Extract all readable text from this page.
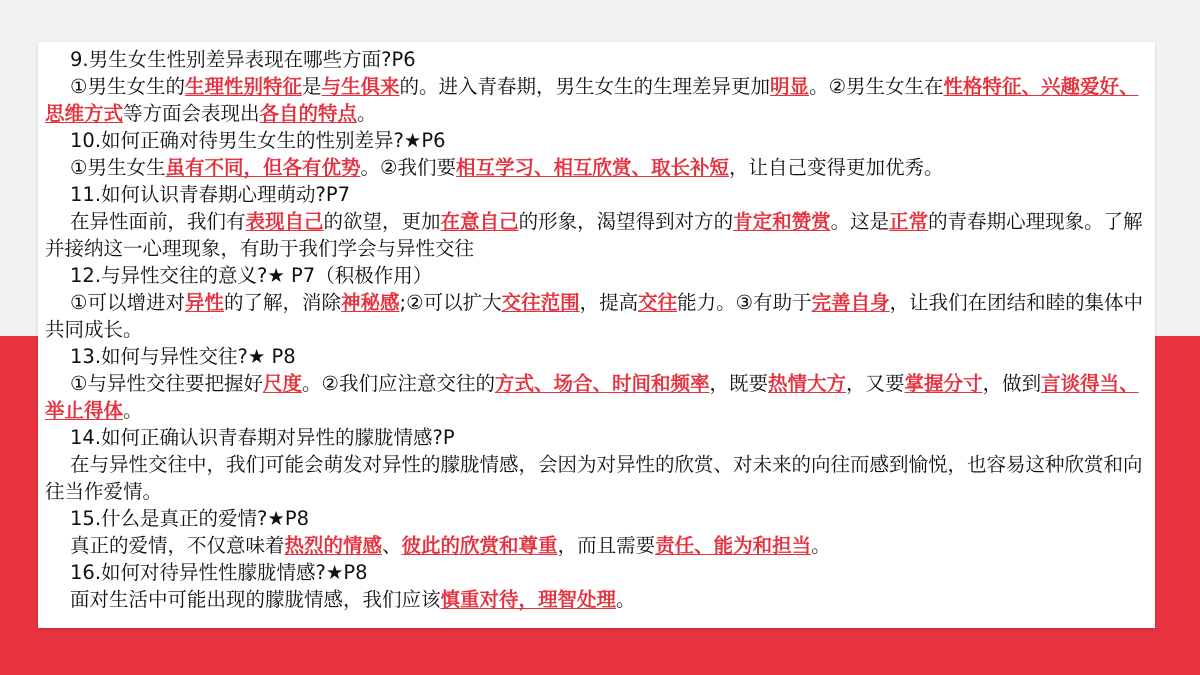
9.男生女生性别差异表现在哪些方面?P6
①男生女生的生理性别特征是与生俱来的。进入青春期，男生女生的生理差异更加明显。②男生女生在性格特征、兴趣爱好、思维方式等方面会表现出各自的特点。
10.如何正确对待男生女生的性别差异?★P6
①男生女生虽有不同，但各有优势。②我们要相互学习、相互欣赏、取长补短，让自己变得更加优秀。
11.如何认识青春期心理萌动?P7
在异性面前，我们有表现自己的欲望，更加在意自己的形象，渴望得到对方的肯定和赞赏。这是正常的青春期心理现象。了解并接纳这一心理现象，有助于我们学会与异性交往
12.与异性交往的意义?★ P7（积极作用）
①可以增进对异性的了解，消除神秘感;②可以扩大交往范围，提高交往能力。③有助于完善自身，让我们在团结和睦的集体中共同成长。
13.如何与异性交往?★ P8
①与异性交往要把握好尺度。②我们应注意交往的方式、场合、时间和频率，既要热情大方，又要掌握分寸，做到言谈得当、举止得体。
14.如何正确认识青春期对异性的朦胧情感?P
在与异性交往中，我们可能会萌发对异性的朦胧情感，会因为对异性的欣赏、对未来的向往而感到愉悦，也容易这种欣赏和向往当作爱情。
15.什么是真正的爱情?★P8
真正的爱情，不仅意味着热烈的情感、彼此的欣赏和尊重，而且需要责任、能为和担当。
16.如何对待异性性朦胧情感?★P8
面对生活中可能出现的朦胧情感，我们应该慎重对待，理智处理。
